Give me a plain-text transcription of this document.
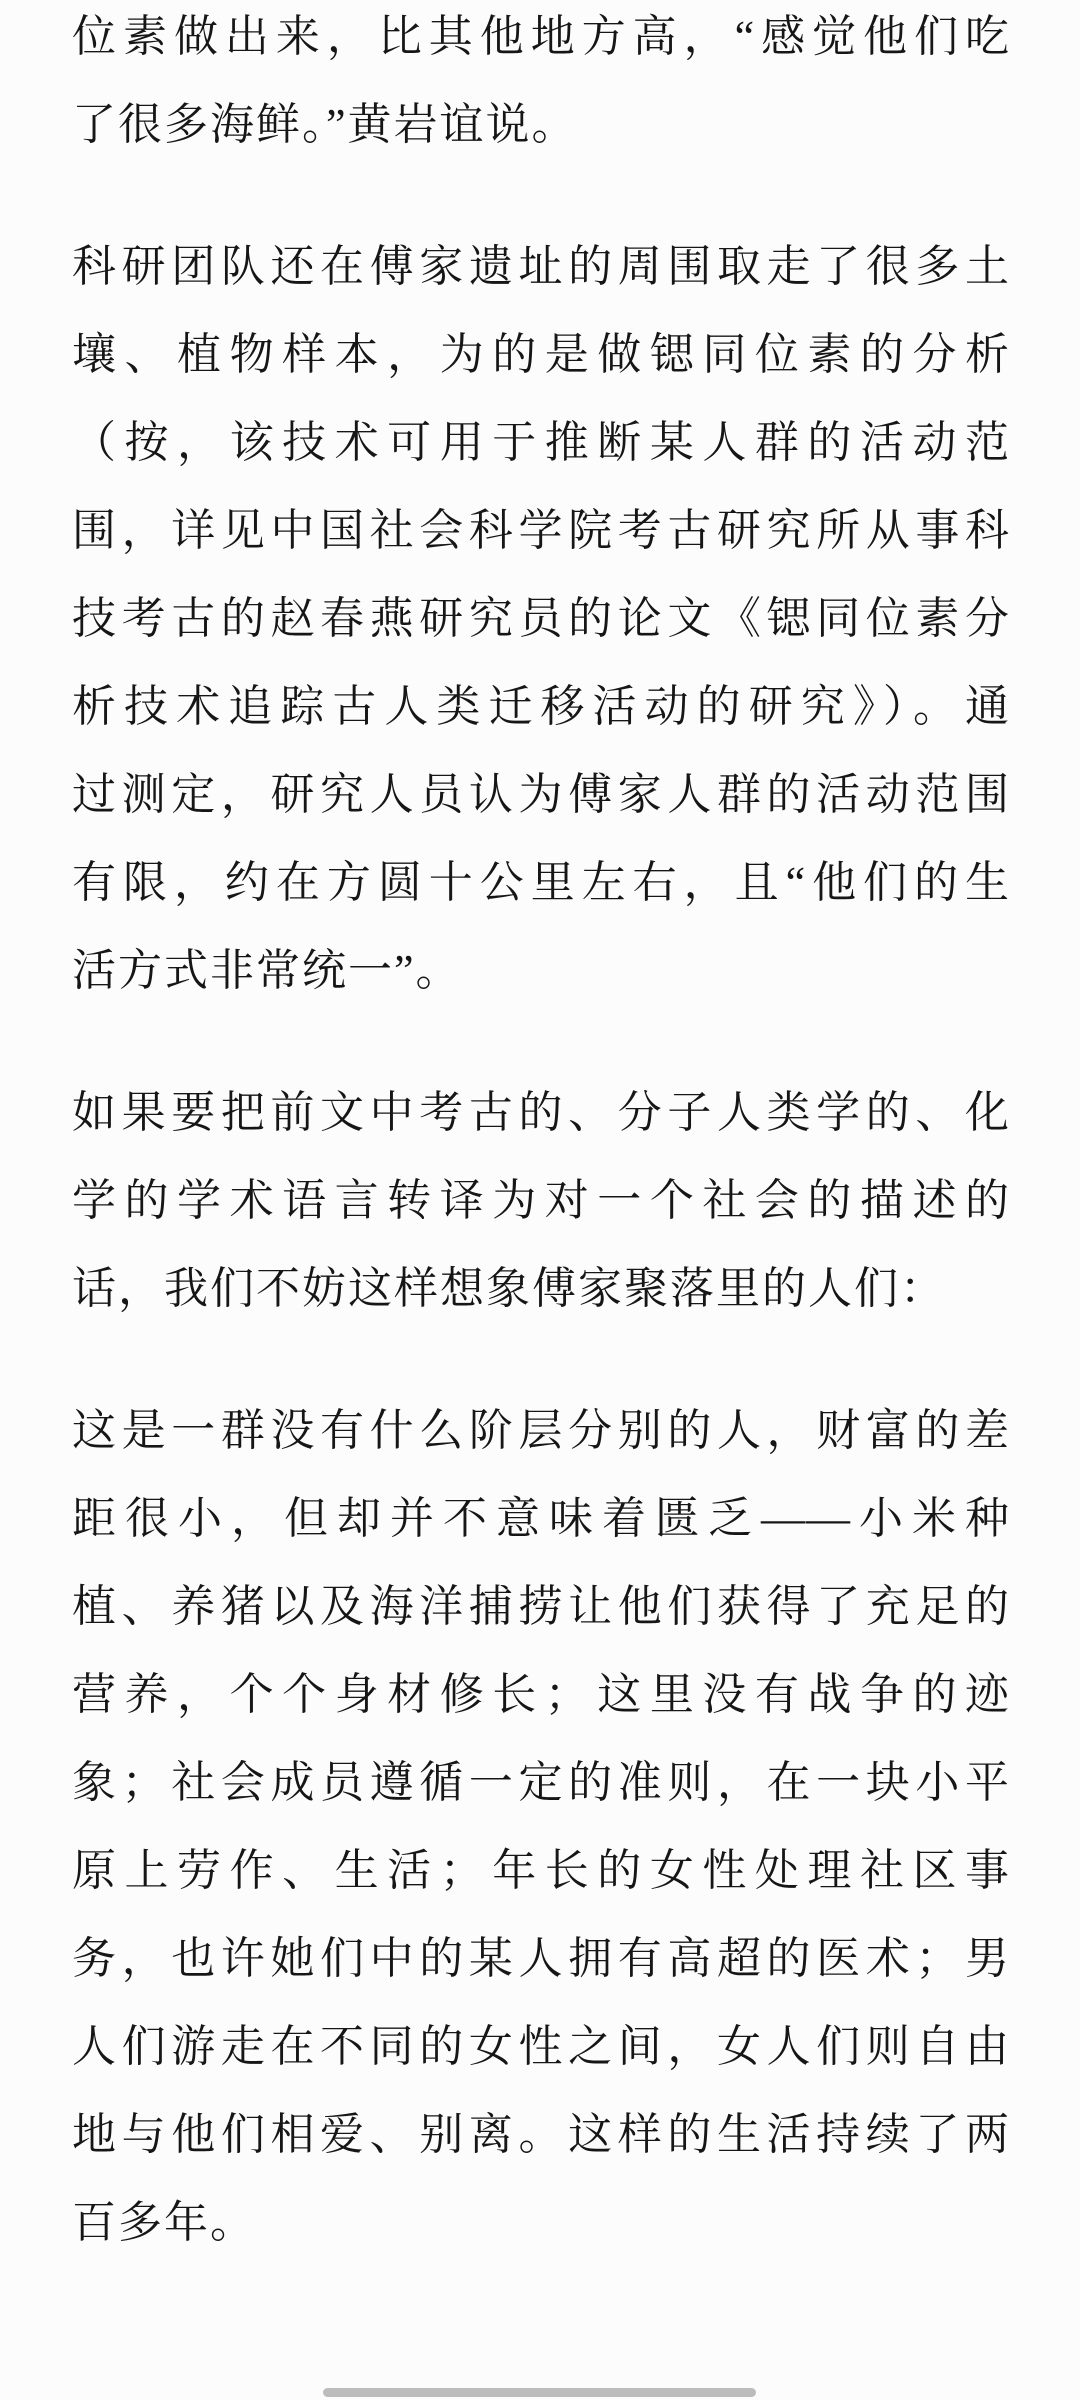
位素做出来，比其他地方高，“感觉他们吃
了很多海鲜。”黄岩谊说。
科研团队还在傅家遗址的周围取走了很多土
壤、植物样本，为的是做锶同位素的分析
（按，该技术可用于推断某人群的活动范
围，详见中国社会科学院考古研究所从事科
技考古的赵春燕研究员的论文《锶同位素分
析技术追踪古人类迁移活动的研究》）。通
过测定，研究人员认为傅家人群的活动范围
有限，约在方圆十公里左右，且“他们的生
活方式非常统一”。
如果要把前文中考古的、分子人类学的、化
学的学术语言转译为对一个社会的描述的
话，我们不妨这样想象傅家聚落里的人们：
这是一群没有什么阶层分别的人，财富的差
距很小，但却并不意味着匮乏——小米种
植、养猪以及海洋捕捞让他们获得了充足的
营养，个个身材修长；这里没有战争的迹
象；社会成员遵循一定的准则，在一块小平
原上劳作、生活；年长的女性处理社区事
务，也许她们中的某人拥有高超的医术；男
人们游走在不同的女性之间，女人们则自由
地与他们相爱、别离。这样的生活持续了两
百多年。
